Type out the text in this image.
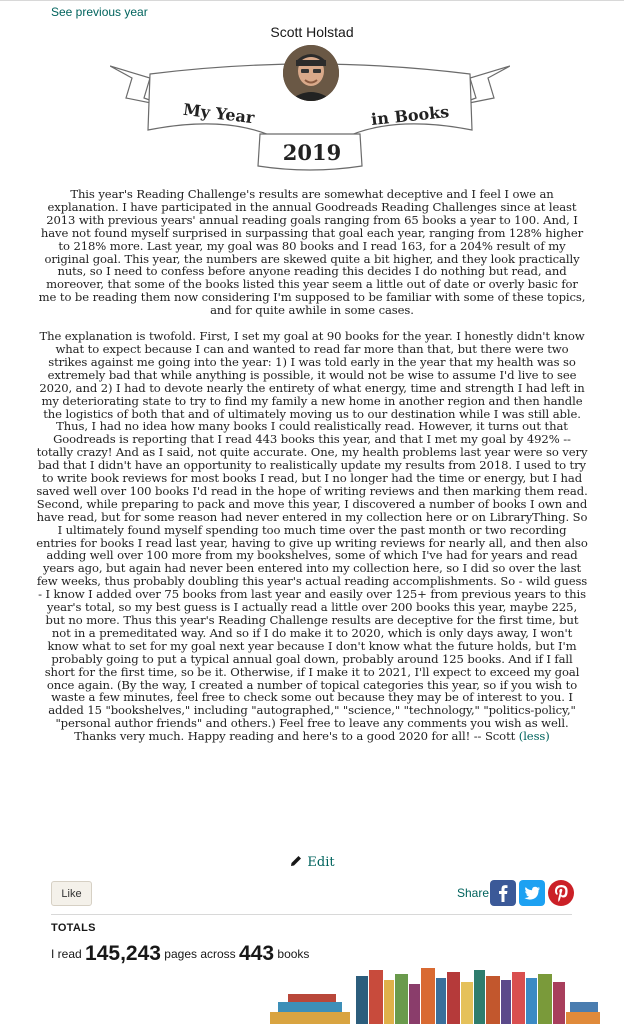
See previous year
Scott Holstad
My Year	in Books
2019

This year's Reading Challenge's results are somewhat deceptive and I feel I owe an explanation. I have participated in the annual Goodreads Reading Challenges since at least 2013 with previous years' annual reading goals ranging from 65 books a year to 100. And, I have not found myself surprised in surpassing that goal each year, ranging from 128% higher to 218% more. Last year, my goal was 80 books and I read 163, for a 204% result of my original goal. This year, the numbers are skewed quite a bit higher, and they look practically nuts, so I need to confess before anyone reading this decides I do nothing but read, and moreover, that some of the books listed this year seem a little out of date or overly basic for me to be reading them now considering I'm supposed to be familiar with some of these topics, and for quite awhile in some cases.

The explanation is twofold. First, I set my goal at 90 books for the year. I honestly didn't know what to expect because I can and wanted to read far more than that, but there were two strikes against me going into the year: 1) I was told early in the year that my health was so extremely bad that while anything is possible, it would not be wise to assume I'd live to see 2020, and 2) I had to devote nearly the entirety of what energy, time and strength I had left in my deteriorating state to try to find my family a new home in another region and then handle the logistics of both that and of ultimately moving us to our destination while I was still able. Thus, I had no idea how many books I could realistically read. However, it turns out that Goodreads is reporting that I read 443 books this year, and that I met my goal by 492% -- totally crazy! And as I said, not quite accurate. One, my health problems last year were so very bad that I didn't have an opportunity to realistically update my results from 2018. I used to try to write book reviews for most books I read, but I no longer had the time or energy, but I had saved well over 100 books I'd read in the hope of writing reviews and then marking them read. Second, while preparing to pack and move this year, I discovered a number of books I own and have read, but for some reason had never entered in my collection here or on LibraryThing. So I ultimately found myself spending too much time over the past month or two recording entries for books I read last year, having to give up writing reviews for nearly all, and then also adding well over 100 more from my bookshelves, some of which I've had for years and read years ago, but again had never been entered into my collection here, so I did so over the last few weeks, thus probably doubling this year's actual reading accomplishments. So - wild guess - I know I added over 75 books from last year and easily over 125+ from previous years to this year's total, so my best guess is I actually read a little over 200 books this year, maybe 225, but no more. Thus this year's Reading Challenge results are deceptive for the first time, but not in a premeditated way. And so if I do make it to 2020, which is only days away, I won't know what to set for my goal next year because I don't know what the future holds, but I'm probably going to put a typical annual goal down, probably around 125 books. And if I fall short for the first time, so be it. Otherwise, if I make it to 2021, I'll expect to exceed my goal once again. (By the way, I created a number of topical categories this year, so if you wish to waste a few minutes, feel free to check some out because they may be of interest to you. I added 15 "bookshelves," including "autographed," "science," "technology," "politics-policy," "personal author friends" and others.) Feel free to leave any comments you wish as well. Thanks very much. Happy reading and here's to a good 2020 for all! -- Scott (less)

Edit
Like	Share
TOTALS
I read 145,243 pages across 443 books
